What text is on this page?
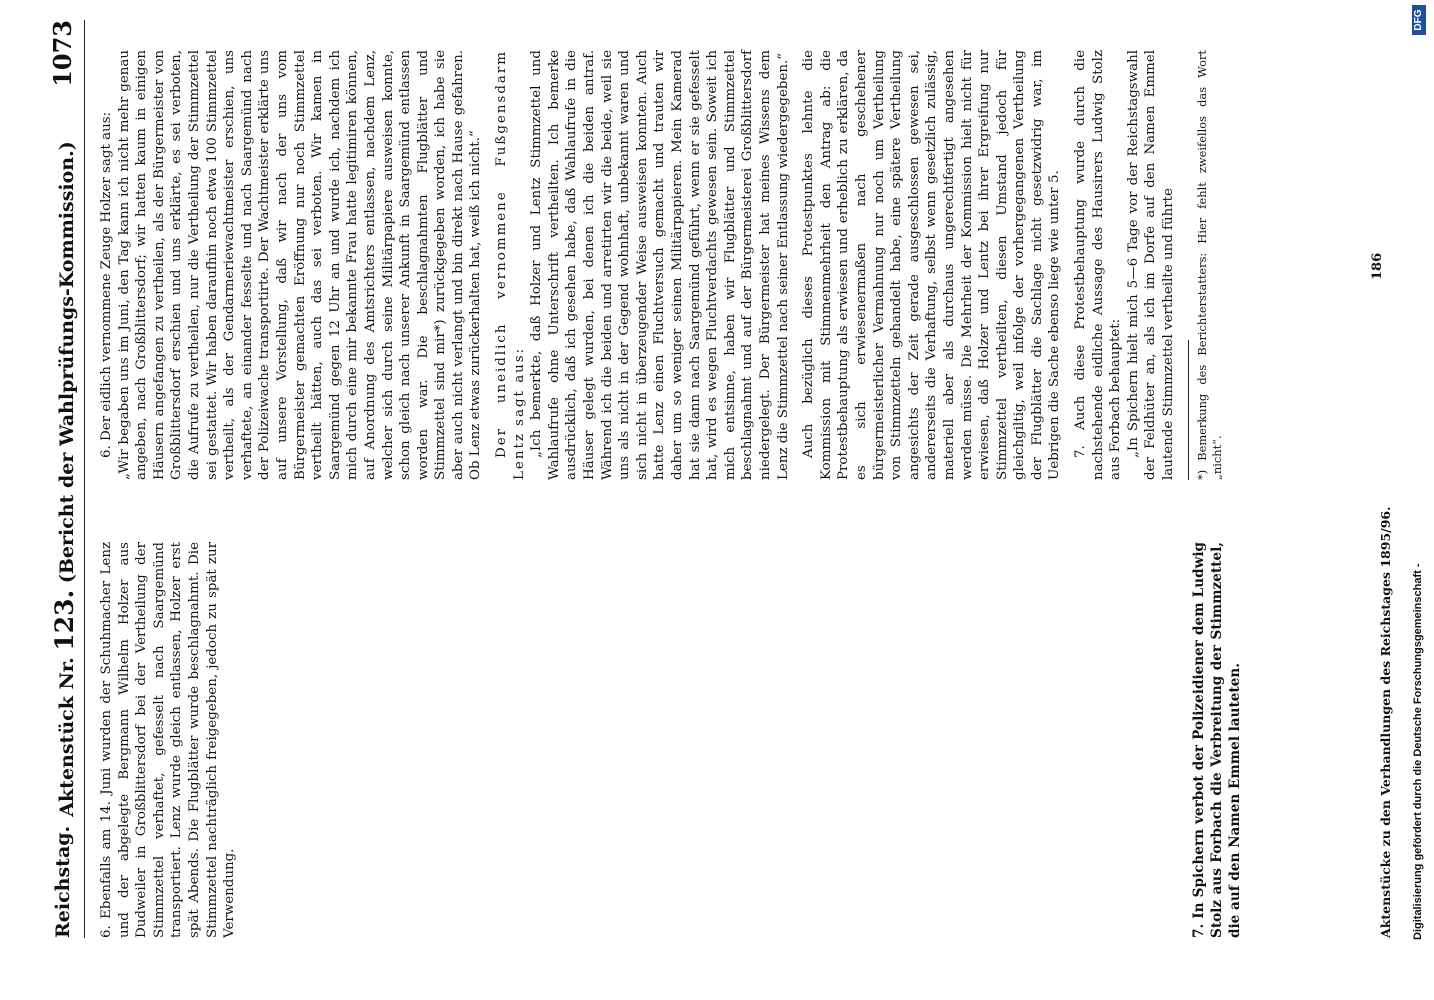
Reichstag.
Aktenstück Nr. 123. (Bericht der Wahlprüfungs-Kommission.)
1073

6. Ebenfalls am 14. Juni wurden der Schuhmacher Lenz und der abgelegte Bergmann Wilhelm Holzer aus Dudweiler in Großblittersdorf bei der Vertheilung der Stimmzettel verhaftet, gefesselt nach Saargemünd transportiert. Lenz wurde gleich entlassen, Holzer erst spät Abends. Die Flugblätter wurde beschlagnahmt. Die Stimmzettel nachträglich freigegeben, jedoch zu spät zur Verwendung.	7. In Spichern verbot der Polizeidiener dem Ludwig Stolz aus Forbach die Verbreitung der Stimmzettel, die auf den Namen Emmel lauteten.

6. Der eidlich vernommene Zeuge Holzer sagt aus: „Wir begaben uns im Juni, den Tag kann ich nicht mehr genau angeben, nach Großblittersdorf; wir hatten kaum in einigen Häusern angefangen zu vertheilen, als der Bürgermeister von Großblittersdorf erschien und uns erklärte, es sei verboten, die Aufrufe zu vertheilen, nur die Vertheilung der Stimmzettel sei gestattet. Wir haben daraufhin noch etwa 100 Stimmzettel vertheilt, als der Gendarmeriewachtmeister erschien, uns verhaftete, an einander fesselte und nach Saargemünd nach der Polizeiwache transportirte. Der Wachtmeister erklärte uns auf unsere Vorstellung, daß wir nach der uns vom Bürgermeister gemachten Eröffnung nur noch Stimmzettel vertheilt hätten, auch das sei verboten. Wir kamen in Saargemünd gegen 12 Uhr an und wurde ich, nachdem ich mich durch eine mir bekannte Frau hatte legitimiren können, auf Anordnung des Amtsrichters entlassen, nachdem Lenz, welcher sich durch seine Militärpapiere ausweisen konnte, schon gleich nach unserer Ankunft in Saargemünd entlassen worden war. Die beschlagnahmten Flugblätter und Stimmzettel sind mir*) zurückgegeben worden, ich habe sie aber auch nicht verlangt und bin direkt nach Hause gefahren. Ob Lenz etwas zurückerhalten hat, weiß ich nicht.“ Der uneidlich vernommene Fußgensdarm Lentz sagt aus: „Ich bemerkte, daß Holzer und Lentz Stimmzettel und Wahlaufrufe ohne Unterschrift vertheilten. Ich bemerke ausdrücklich, daß ich gesehen habe, daß Wahlaufrufe in die Häuser gelegt wurden, bei denen ich die beiden antraf. Während ich die beiden und arretirten wir die beide, weil sie uns als nicht in der Gegend wohnhaft, unbekannt waren und sich nicht in überzeugender Weise ausweisen konnten. Auch hatte Lenz einen Fluchtversuch gemacht und trauten wir daher um so weniger seinen Militärpapieren. Mein Kamerad hat sie dann nach Saargemünd geführt, wenn er sie gefesselt hat, wird es wegen Fluchtverdachts gewesen sein. Soweit ich mich entsinne, haben wir Flugblätter und Stimmzettel beschlagnahmt und auf der Bürgermeisterei Großblittersdorf niedergelegt. Der Bürgermeister hat meines Wissens dem Lenz die Stimmzettel nach seiner Entlassung wiedergegeben.“ Auch bezüglich dieses Protestpunktes lehnte die Kommission mit Stimmenmehrheit den Antrag ab: die Protestbehauptung als erwiesen und erheblich zu erklären, da es sich erwiesenermaßen nach geschehener bürgermeisterlicher Vermahnung nur noch um Vertheilung von Stimmzetteln gehandelt habe, eine spätere Vertheilung angesichts der Zeit gerade ausgeschlossen gewesen sei, andererseits die Verhaftung, selbst wenn gesetzlich zulässig, materiell aber als durchaus ungerechtfertigt angesehen werden müsse. Die Mehrheit der Kommission hielt nicht für erwiesen, daß Holzer und Lentz bei ihrer Ergreifung nur Stimmzettel vertheilten, diesen Umstand jedoch für gleichgiltig, weil infolge der vorhergegangenen Vertheilung der Flugblätter die Sachlage nicht gesetzwidrig war, im Uebrigen die Sache ebenso liege wie unter 5. 7. Auch diese Protestbehauptung wurde durch die nachstehende eidliche Aussage des Hausirers Ludwig Stolz aus Forbach behauptet: „In Spichern hielt mich 5—6 Tage vor der Reichstagswahl der Feldhüter an, als ich im Dorfe auf den Namen Emmel lautende Stimmzettel vertheilte und führte *) Bemerkung des Berichterstatters: Hier fehlt zweifellos das Wort „nicht“.

Aktenstücke zu den Verhandlungen des Reichstages 1895/96.
186
Digitalisierung gefördert durch die Deutsche Forschungsgemeinschaft -
DFG
